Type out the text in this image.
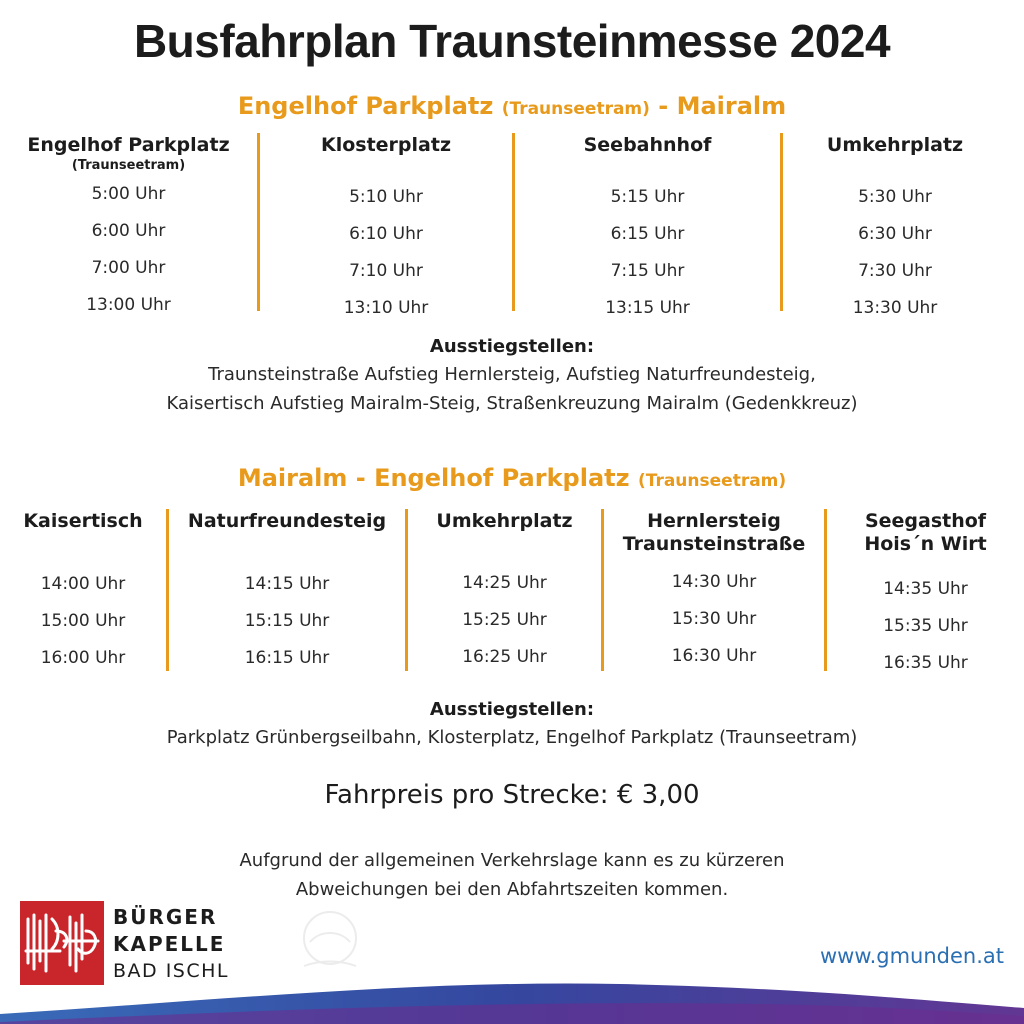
Busfahrplan Traunsteinmesse 2024
Engelhof Parkplatz (Traunseetram) - Mairalm
Engelhof Parkplatz
(Traunseetram)
5:00 Uhr
6:00 Uhr
7:00 Uhr
13:00 Uhr
Klosterplatz
5:10 Uhr
6:10 Uhr
7:10 Uhr
13:10 Uhr
Seebahnhof
5:15 Uhr
6:15 Uhr
7:15 Uhr
13:15 Uhr
Umkehrplatz
5:30 Uhr
6:30 Uhr
7:30 Uhr
13:30 Uhr
Ausstiegstellen:
Traunsteinstraße Aufstieg Hernlersteig, Aufstieg Naturfreundesteig,
Kaisertisch Aufstieg Mairalm-Steig, Straßenkreuzung Mairalm (Gedenkkreuz)
Mairalm - Engelhof Parkplatz (Traunseetram)
Kaisertisch
14:00 Uhr
15:00 Uhr
16:00 Uhr
Naturfreundesteig
14:15 Uhr
15:15 Uhr
16:15 Uhr
Umkehrplatz
14:25 Uhr
15:25 Uhr
16:25 Uhr
Hernlersteig
Traunsteinstraße
14:30 Uhr
15:30 Uhr
16:30 Uhr
Seegasthof
Hois´n Wirt
14:35 Uhr
15:35 Uhr
16:35 Uhr
Ausstiegstellen:
Parkplatz Grünbergseilbahn, Klosterplatz, Engelhof Parkplatz (Traunseetram)
Fahrpreis pro Strecke: € 3,00
Aufgrund der allgemeinen Verkehrslage kann es zu kürzeren
Abweichungen bei den Abfahrtszeiten kommen.
BÜRGER
KAPELLE
BAD ISCHL
www.gmunden.at
